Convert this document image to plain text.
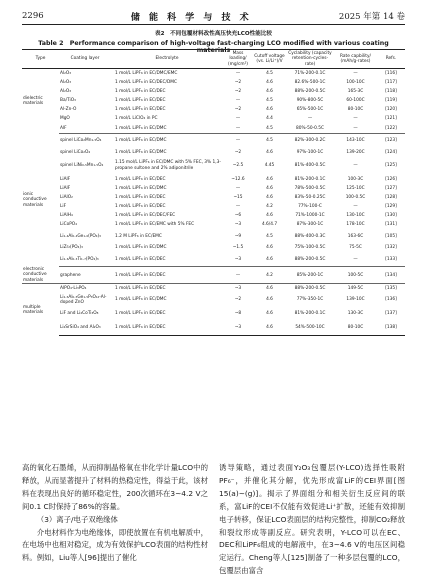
2296	储 能 科 学 与 技 术	2025 年第 14 卷
表2　不同包覆材料改性高压快充LCO性能比较
Table 2　Performance comparison of high-voltage fast-charging LCO modified with various coating materials
Type	Coating layer	Electrolyte	Mass loading/ (mg/cm²)	Cutoff voltage (vs. Li/Li⁺)/V	Cyclability (capacity retention-cycles-rate)	Rate capbility/ (mAh/g-rates)	Refs.
dielectric materials	Al₂O₃	1 mol/L LiPF₆ in EC/DMC/EMC	—	4.5	71%-200-0.1C	—	[116]
	Al₂O₃	1 mol/L LiPF₆ in EC/DEC/DMC	~2	4.6	82.6%-500-1C	100-10C	[117]
	Al₂O₃	1 mol/L LiPF₆ in EC/DEC	~2	4.6	88%-200-0.5C	165-3C	[118]
	Ba/TiO₃	1 mol/L LiPF₆ in EC/DEC	—	4.5	90%-800-5C	60-100C	[119]
	Al-Zn-O	1 mol/L LiPF₆ in EC/DEC	~2	4.6	65%-500-1C	80-10C	[120]
	MgO	1 mol/L LiClO₄ in PC	—	4.4	—	—	[121]
	AlF	1 mol/L LiPF₆ in EC/DMC	—	4.5	80%-50-0.5C	—	[122]
ionic conductive materials	spinel LiCo₂Mn₁.₅O₄	1 mol/L LiPF₆ in EC/DMC	—	4.5	82%-300-0.2C	143-10C	[123]
	spinel LiCo₂O₄	1 mol/L LiPF₆ in EC/DMC	~2	4.6	97%-100-1C	139-20C	[124]
	spinel LiNi₀.₅Mn₁.₅O₄	1.15 mol/L LiPF₆ in EC/DMC with 5% FEC, 3% 1,3-propane sultone and 2% adiponitrile	~2.5	4.45	81%-400-0.5C	—	[125]
	LiAlF	1 mol/L LiPF₆ in EC/DEC	~12.6	4.6	81%-200-0.1C	100-3C	[126]
	LiAlF	1 mol/L LiPF₆ in EC/DMC	—	4.6	78%-500-0.5C	125-10C	[127]
	LiAlO₂	1 mol/L LiPF₆ in EC/DEC	~15	4.6	83%-50-0.25C	100-0.5C	[128]
	LiF	1 mol/L LiPF₆ in EC/DEC	—	4.2	77%-100-C	—	[129]
	LiAlH₄	1 mol/L LiPF₆ in EC/DEC/FEC	~6	4.6	71%-1000-1C	130-10C	[130]
	LiCoPO₄	1 mol/L LiPF₆ in EC/EMC with 5% FEC	~3	4.6/4.7	87%-300-1C	178-10C	[131]
	Li₁.₄Al₀.₄Ge₁.₆(PO₄)₃	1.2 M LiPF₆ in EC/EMC	~9	4.5	88%-400-0.3C	163-6C	[105]
	LiZr₂(PO₄)₃	1 mol/L LiPF₆ in EC/DMC	~1.5	4.6	75%-100-0.5C	75-5C	[132]
	Li₁.₃Al₀.₃Ti₁.₇(PO₄)₃	1 mol/L LiPF₆ in EC/DEC	~3	4.6	88%-200-0.5C	—	[133]
electronic conductive materials	graphene	1 mol/L LiPF₆ in EC/DEC	—	4.2	85%-200-1C	100-5C	[134]
multiple materials	AlPO₄-Li₃PO₄	1 mol/L LiPF₆ in EC/DEC	~3	4.6	88%-200-0.5C	149-5C	[135]
	Li₁.₅Al₀.₅Ge₁.₅P₃O₁₂-Al-doped ZnO	1 mol/L LiPF₆ in EC/DMC	~2	4.6	77%-350-1C	139-10C	[136]
	LiF and Li₂CoTi₃O₈	1 mol/L LiPF₆ in EC/DEC	~8	4.6	81%-200-0.1C	130-3C	[137]
	Li₂SrSiO₄ and Al₂O₃	1 mol/L LiPF₆ in EC/DEC	~3	4.6	54%-500-10C	80-10C	[138]

高的氧化石墨烯，从而抑制晶格氧在非化学计量LCO中的释放，从而显著提升了材料的热稳定性，得益于此，该材料在表现出良好的循环稳定性，200次循环在3~4.2 V之间0.1 C时保持了86%的容量。

（3）离子/电子双绝缘体

介电材料作为电绝缘体，即使放置在有机电解质中，在电场中也相对稳定，成为有效保护LCO表面的结构性材料。例如，Liu等人[96]提出了催化

诱导策略，通过表面Y₂O₃包覆层(Y-LCO)选择性吸附PF₆⁻，并催化其分解，优先形成富LiF的CEI界面[图15(a)~(g)]。揭示了界面组分和相关衍生反应间的联系，富LiF的CEI不仅能有效促进Li⁺扩散，还能有效抑制电子转移，保证LCO表面层的结构完整性，抑制CO₂释放和裂纹形成等副反应。研究表明，Y-LCO可以在EC、DEC和LiPF₆组成的电解液中，在3~4.6 V的电压区间稳定运行。Cheng等人[125]制备了一种多层包覆的LCO，包覆层由富含
